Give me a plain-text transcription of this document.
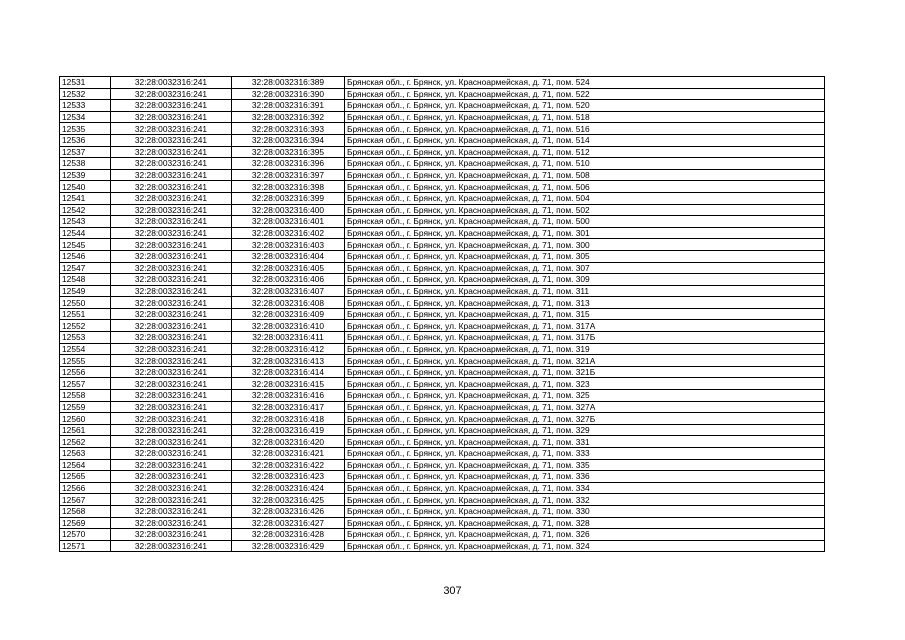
12531	32:28:0032316:241	32:28:0032316:389	Брянская обл., г. Брянск, ул. Красноармейская, д. 71, пом. 524
12532	32:28:0032316:241	32:28:0032316:390	Брянская обл., г. Брянск, ул. Красноармейская, д. 71, пом. 522
12533	32:28:0032316:241	32:28:0032316:391	Брянская обл., г. Брянск, ул. Красноармейская, д. 71, пом. 520
12534	32:28:0032316:241	32:28:0032316:392	Брянская обл., г. Брянск, ул. Красноармейская, д. 71, пом. 518
12535	32:28:0032316:241	32:28:0032316:393	Брянская обл., г. Брянск, ул. Красноармейская, д. 71, пом. 516
12536	32:28:0032316:241	32:28:0032316:394	Брянская обл., г. Брянск, ул. Красноармейская, д. 71, пом. 514
12537	32:28:0032316:241	32:28:0032316:395	Брянская обл., г. Брянск, ул. Красноармейская, д. 71, пом. 512
12538	32:28:0032316:241	32:28:0032316:396	Брянская обл., г. Брянск, ул. Красноармейская, д. 71, пом. 510
12539	32:28:0032316:241	32:28:0032316:397	Брянская обл., г. Брянск, ул. Красноармейская, д. 71, пом. 508
12540	32:28:0032316:241	32:28:0032316:398	Брянская обл., г. Брянск, ул. Красноармейская, д. 71, пом. 506
12541	32:28:0032316:241	32:28:0032316:399	Брянская обл., г. Брянск, ул. Красноармейская, д. 71, пом. 504
12542	32:28:0032316:241	32:28:0032316:400	Брянская обл., г. Брянск, ул. Красноармейская, д. 71, пом. 502
12543	32:28:0032316:241	32:28:0032316:401	Брянская обл., г. Брянск, ул. Красноармейская, д. 71, пом. 500
12544	32:28:0032316:241	32:28:0032316:402	Брянская обл., г. Брянск, ул. Красноармейская, д. 71, пом. 301
12545	32:28:0032316:241	32:28:0032316:403	Брянская обл., г. Брянск, ул. Красноармейская, д. 71, пом. 300
12546	32:28:0032316:241	32:28:0032316:404	Брянская обл., г. Брянск, ул. Красноармейская, д. 71, пом. 305
12547	32:28:0032316:241	32:28:0032316:405	Брянская обл., г. Брянск, ул. Красноармейская, д. 71, пом. 307
12548	32:28:0032316:241	32:28:0032316:406	Брянская обл., г. Брянск, ул. Красноармейская, д. 71, пом. 309
12549	32:28:0032316:241	32:28:0032316:407	Брянская обл., г. Брянск, ул. Красноармейская, д. 71, пом. 311
12550	32:28:0032316:241	32:28:0032316:408	Брянская обл., г. Брянск, ул. Красноармейская, д. 71, пом. 313
12551	32:28:0032316:241	32:28:0032316:409	Брянская обл., г. Брянск, ул. Красноармейская, д. 71, пом. 315
12552	32:28:0032316:241	32:28:0032316:410	Брянская обл., г. Брянск, ул. Красноармейская, д. 71, пом. 317А
12553	32:28:0032316:241	32:28:0032316:411	Брянская обл., г. Брянск, ул. Красноармейская, д. 71, пом. 317Б
12554	32:28:0032316:241	32:28:0032316:412	Брянская обл., г. Брянск, ул. Красноармейская, д. 71, пом. 319
12555	32:28:0032316:241	32:28:0032316:413	Брянская обл., г. Брянск, ул. Красноармейская, д. 71, пом. 321А
12556	32:28:0032316:241	32:28:0032316:414	Брянская обл., г. Брянск, ул. Красноармейская, д. 71, пом. 321Б
12557	32:28:0032316:241	32:28:0032316:415	Брянская обл., г. Брянск, ул. Красноармейская, д. 71, пом. 323
12558	32:28:0032316:241	32:28:0032316:416	Брянская обл., г. Брянск, ул. Красноармейская, д. 71, пом. 325
12559	32:28:0032316:241	32:28:0032316:417	Брянская обл., г. Брянск, ул. Красноармейская, д. 71, пом. 327А
12560	32:28:0032316:241	32:28:0032316:418	Брянская обл., г. Брянск, ул. Красноармейская, д. 71, пом. 327Б
12561	32:28:0032316:241	32:28:0032316:419	Брянская обл., г. Брянск, ул. Красноармейская, д. 71, пом. 329
12562	32:28:0032316:241	32:28:0032316:420	Брянская обл., г. Брянск, ул. Красноармейская, д. 71, пом. 331
12563	32:28:0032316:241	32:28:0032316:421	Брянская обл., г. Брянск, ул. Красноармейская, д. 71, пом. 333
12564	32:28:0032316:241	32:28:0032316:422	Брянская обл., г. Брянск, ул. Красноармейская, д. 71, пом. 335
12565	32:28:0032316:241	32:28:0032316:423	Брянская обл., г. Брянск, ул. Красноармейская, д. 71, пом. 336
12566	32:28:0032316:241	32:28:0032316:424	Брянская обл., г. Брянск, ул. Красноармейская, д. 71, пом. 334
12567	32:28:0032316:241	32:28:0032316:425	Брянская обл., г. Брянск, ул. Красноармейская, д. 71, пом. 332
12568	32:28:0032316:241	32:28:0032316:426	Брянская обл., г. Брянск, ул. Красноармейская, д. 71, пом. 330
12569	32:28:0032316:241	32:28:0032316:427	Брянская обл., г. Брянск, ул. Красноармейская, д. 71, пом. 328
12570	32:28:0032316:241	32:28:0032316:428	Брянская обл., г. Брянск, ул. Красноармейская, д. 71, пом. 326
12571	32:28:0032316:241	32:28:0032316:429	Брянская обл., г. Брянск, ул. Красноармейская, д. 71, пом. 324
307
